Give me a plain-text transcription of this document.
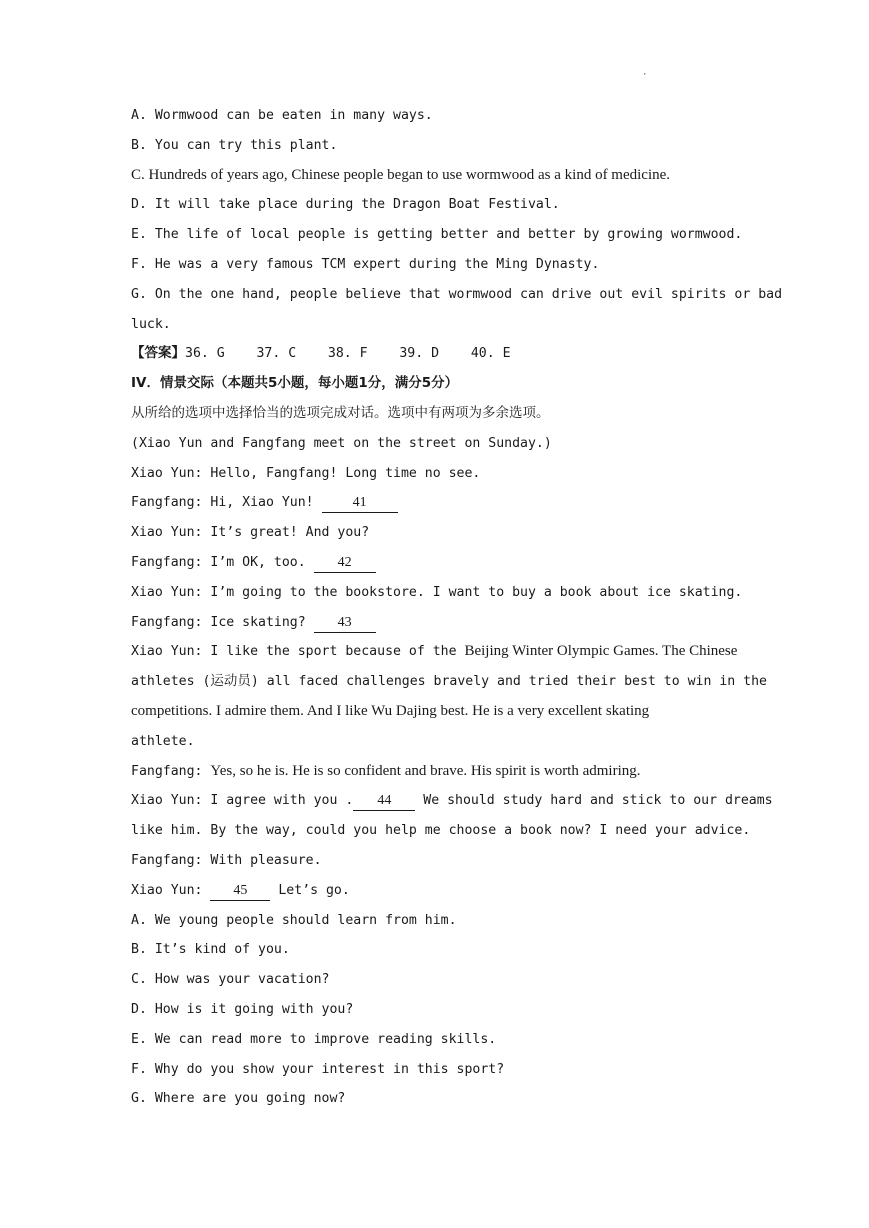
·
A. Wormwood can be eaten in many ways.
B. You can try this plant.
C. Hundreds of years ago, Chinese people began to use wormwood as a kind of medicine.
D. It will take place during the Dragon Boat Festival.
E. The life of local people is getting better and better by growing wormwood.
F. He was a very famous TCM expert during the Ming Dynasty.
G. On the one hand, people believe that wormwood can drive out evil spirits or bad
luck.
【答案】36. G    37. C    38. F    39. D    40. E
IV．情景交际（本题共5小题，每小题1分，满分5分）
从所给的选项中选择恰当的选项完成对话。选项中有两项为多余选项。
(Xiao Yun and Fangfang meet on the street on Sunday.)
Xiao Yun: Hello, Fangfang! Long time no see.
Fangfang: Hi, Xiao Yun! 41
Xiao Yun: It’s great! And you?
Fangfang: I’m OK, too. 42
Xiao Yun: I’m going to the bookstore. I want to buy a book about ice skating.
Fangfang: Ice skating? 43
Xiao Yun: I like the sport because of the Beijing Winter Olympic Games. The Chinese
athletes (运动员) all faced challenges bravely and tried their best to win in the
competitions. I admire them. And I like Wu Dajing best. He is a very excellent skating
athlete.
Fangfang: Yes, so he is. He is so confident and brave. His spirit is worth admiring.
Xiao Yun: I agree with you . 44 We should study hard and stick to our dreams
like him. By the way, could you help me choose a book now? I need your advice.
Fangfang: With pleasure.
Xiao Yun: 45 Let’s go.
A. We young people should learn from him.
B. It’s kind of you.
C. How was your vacation?
D. How is it going with you?
E. We can read more to improve reading skills.
F. Why do you show your interest in this sport?
G. Where are you going now?
